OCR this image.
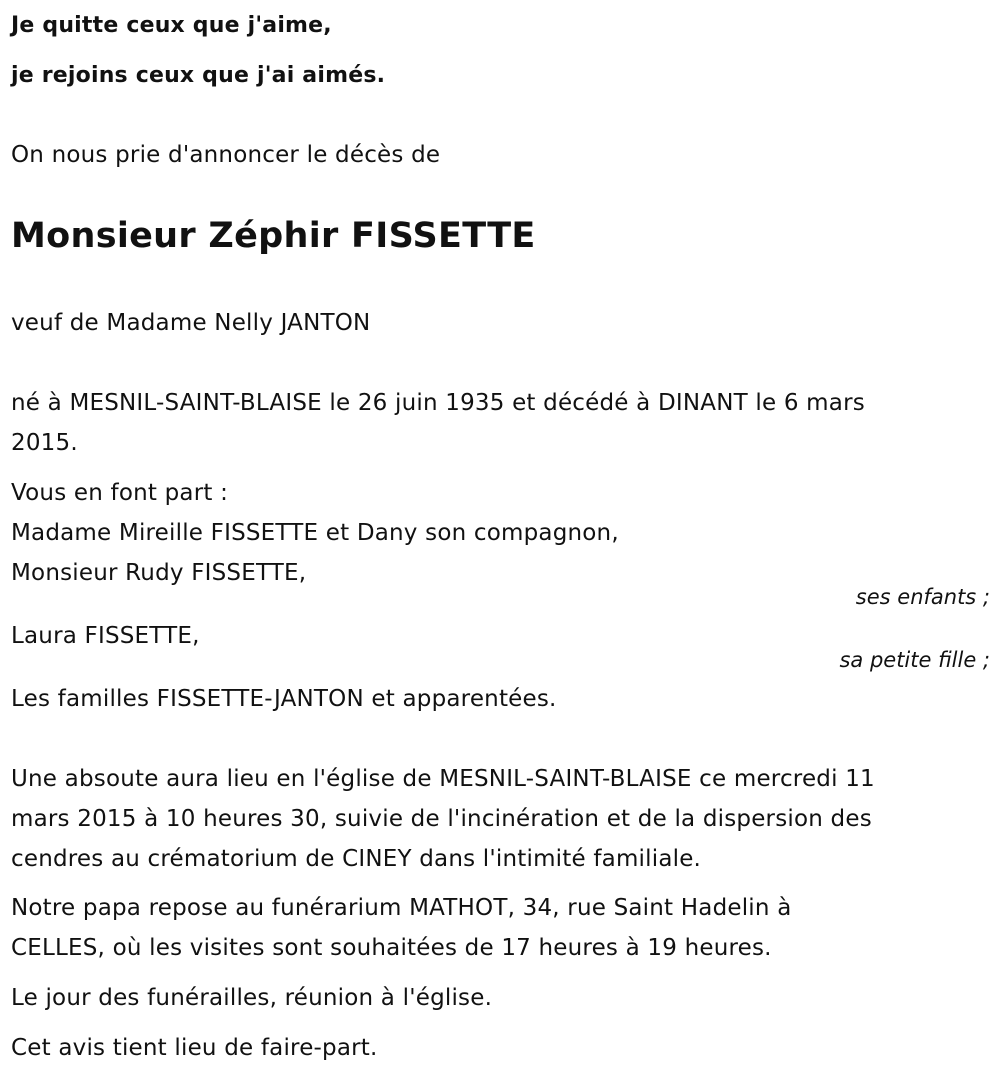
Je quitte ceux que j'aime,
je rejoins ceux que j'ai aimés.
On nous prie d'annoncer le décès de
Monsieur Zéphir FISSETTE
veuf de Madame Nelly JANTON
né à MESNIL-SAINT-BLAISE le 26 juin 1935 et décédé à DINANT le 6 mars
2015.
Vous en font part :
Madame Mireille FISSETTE et Dany son compagnon,
Monsieur Rudy FISSETTE,
ses enfants ;
Laura FISSETTE,
sa petite fille ;
Les familles FISSETTE-JANTON et apparentées.
Une absoute aura lieu en l'église de MESNIL-SAINT-BLAISE ce mercredi 11
mars 2015 à 10 heures 30, suivie de l'incinération et de la dispersion des
cendres au crématorium de CINEY dans l'intimité familiale.
Notre papa repose au funérarium MATHOT, 34, rue Saint Hadelin à
CELLES, où les visites sont souhaitées de 17 heures à 19 heures.
Le jour des funérailles, réunion à l'église.
Cet avis tient lieu de faire-part.
